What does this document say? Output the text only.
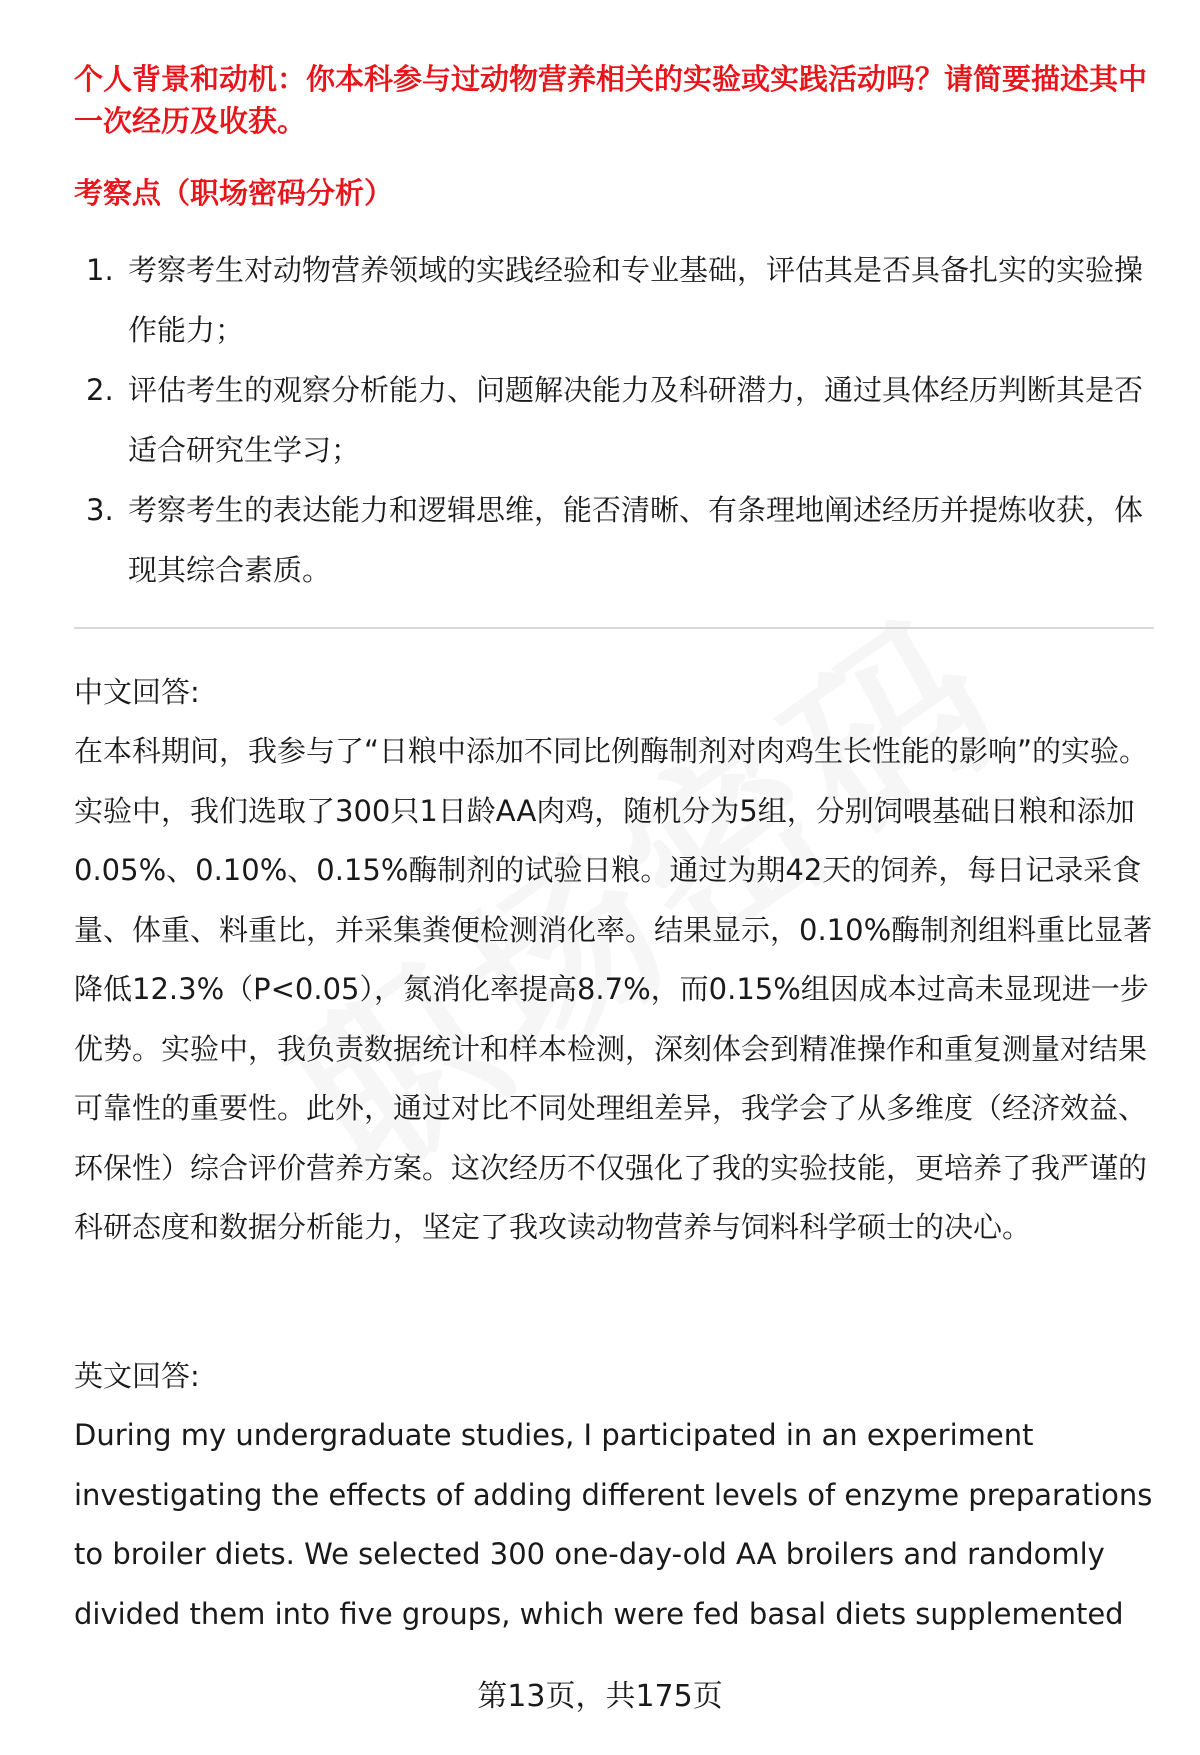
个人背景和动机：你本科参与过动物营养相关的实验或实践活动吗？请简要描述其中一次经历及收获。
考察点（职场密码分析）
1. 考察考生对动物营养领域的实践经验和专业基础，评估其是否具备扎实的实验操作能力；
2. 评估考生的观察分析能力、问题解决能力及科研潜力，通过具体经历判断其是否适合研究生学习；
3. 考察考生的表达能力和逻辑思维，能否清晰、有条理地阐述经历并提炼收获，体现其综合素质。
中文回答:

在本科期间，我参与了“日粮中添加不同比例酶制剂对肉鸡生长性能的影响”的实验。实验中，我们选取了300只1日龄AA肉鸡，随机分为5组，分别饲喂基础日粮和添加0.05%、0.10%、0.15%酶制剂的试验日粮。通过为期42天的饲养，每日记录采食量、体重、料重比，并采集粪便检测消化率。结果显示，0.10%酶制剂组料重比显著降低12.3%（P<0.05），氮消化率提高8.7%，而0.15%组因成本过高未显现进一步优势。实验中，我负责数据统计和样本检测，深刻体会到精准操作和重复测量对结果可靠性的重要性。此外，通过对比不同处理组差异，我学会了从多维度（经济效益、环保性）综合评价营养方案。这次经历不仅强化了我的实验技能，更培养了我严谨的科研态度和数据分析能力，坚定了我攻读动物营养与饲料科学硕士的决心。

英文回答:

During my undergraduate studies, I participated in an experiment investigating the effects of adding different levels of enzyme preparations to broiler diets. We selected 300 one-day-old AA broilers and randomly divided them into five groups, which were fed basal diets supplemented

第13页，共175页
